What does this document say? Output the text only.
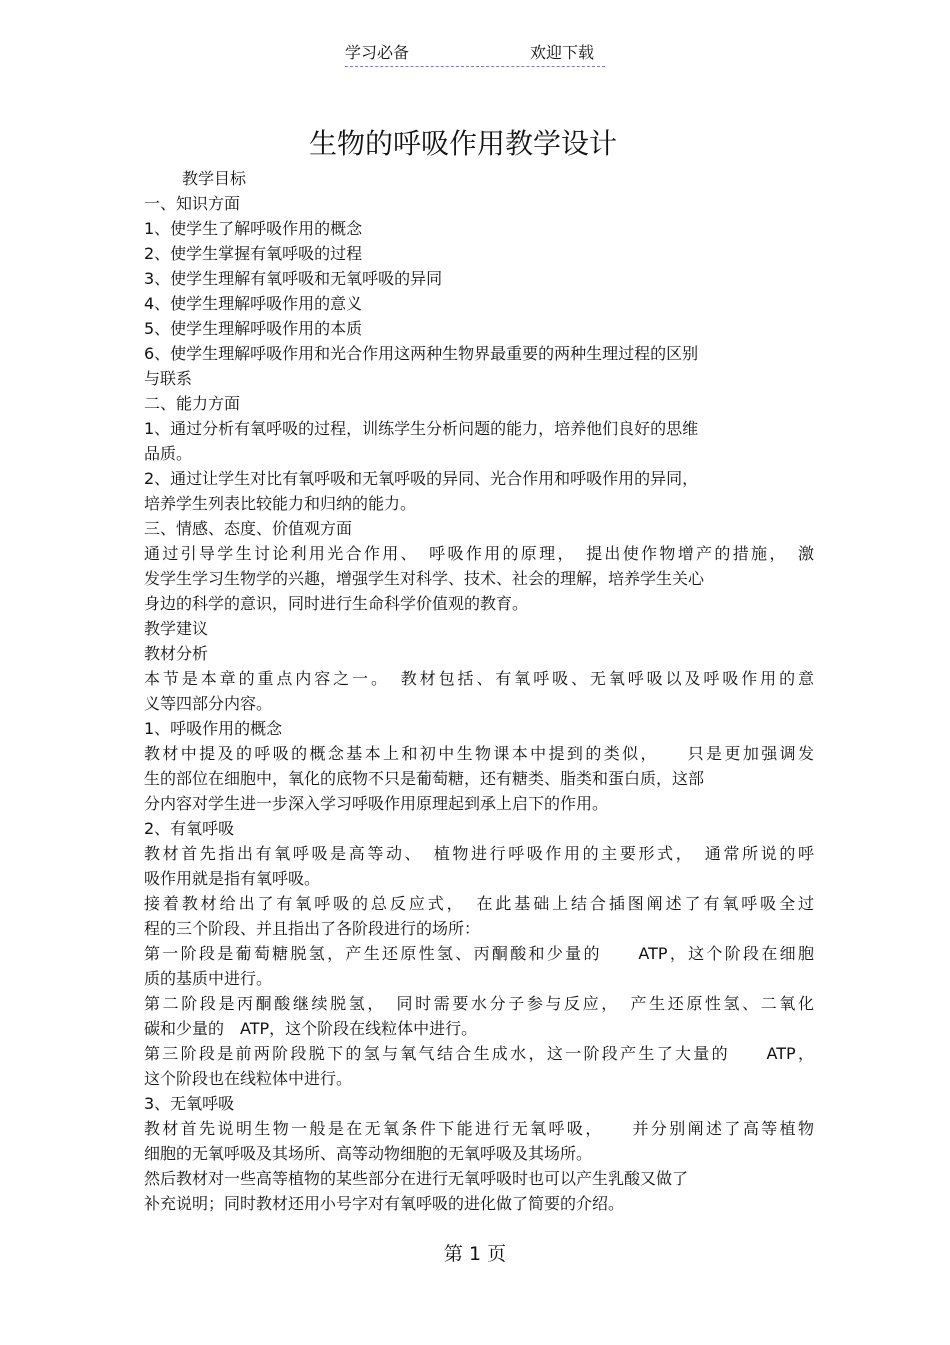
学习必备	欢迎下载
生物的呼吸作用教学设计
教学目标
一、知识方面
1、使学生了解呼吸作用的概念
2、使学生掌握有氧呼吸的过程
3、使学生理解有氧呼吸和无氧呼吸的异同
4、使学生理解呼吸作用的意义
5、使学生理解呼吸作用的本质
6、使学生理解呼吸作用和光合作用这两种生物界最重要的两种生理过程的区别
与联系
二、能力方面
1、通过分析有氧呼吸的过程，训练学生分析问题的能力，培养他们良好的思维
品质。
2、通过让学生对比有氧呼吸和无氧呼吸的异同、光合作用和呼吸作用的异同，
培养学生列表比较能力和归纳的能力。
三、情感、态度、价值观方面
通过引导学生讨论利用光合作用、　呼吸作用的原理，　提出使作物增产的措施，　激
发学生学习生物学的兴趣，增强学生对科学、技术、社会的理解，培养学生关心
身边的科学的意识，同时进行生命科学价值观的教育。
教学建议
教材分析
本节是本章的重点内容之一。　教材包括、有氧呼吸、无氧呼吸以及呼吸作用的意
义等四部分内容。
1、呼吸作用的概念
教材中提及的呼吸的概念基本上和初中生物课本中提到的类似，　　只是更加强调发
生的部位在细胞中，氧化的底物不只是葡萄糖，还有糖类、脂类和蛋白质，这部
分内容对学生进一步深入学习呼吸作用原理起到承上启下的作用。
2、有氧呼吸
教材首先指出有氧呼吸是高等动、　植物进行呼吸作用的主要形式，　通常所说的呼
吸作用就是指有氧呼吸。
接着教材给出了有氧呼吸的总反应式，　在此基础上结合插图阐述了有氧呼吸全过
程的三个阶段、并且指出了各阶段进行的场所：
第一阶段是葡萄糖脱氢，产生还原性氢、丙酮酸和少量的　　ATP，这个阶段在细胞
质的基质中进行。
第二阶段是丙酮酸继续脱氢，　同时需要水分子参与反应，　产生还原性氢、二氧化
碳和少量的　ATP，这个阶段在线粒体中进行。
第三阶段是前两阶段脱下的氢与氧气结合生成水，这一阶段产生了大量的　　ATP，
这个阶段也在线粒体中进行。
3、无氧呼吸
教材首先说明生物一般是在无氧条件下能进行无氧呼吸，　　并分别阐述了高等植物
细胞的无氧呼吸及其场所、高等动物细胞的无氧呼吸及其场所。
然后教材对一些高等植物的某些部分在进行无氧呼吸时也可以产生乳酸又做了
补充说明；同时教材还用小号字对有氧呼吸的进化做了简要的介绍。
第 1 页
